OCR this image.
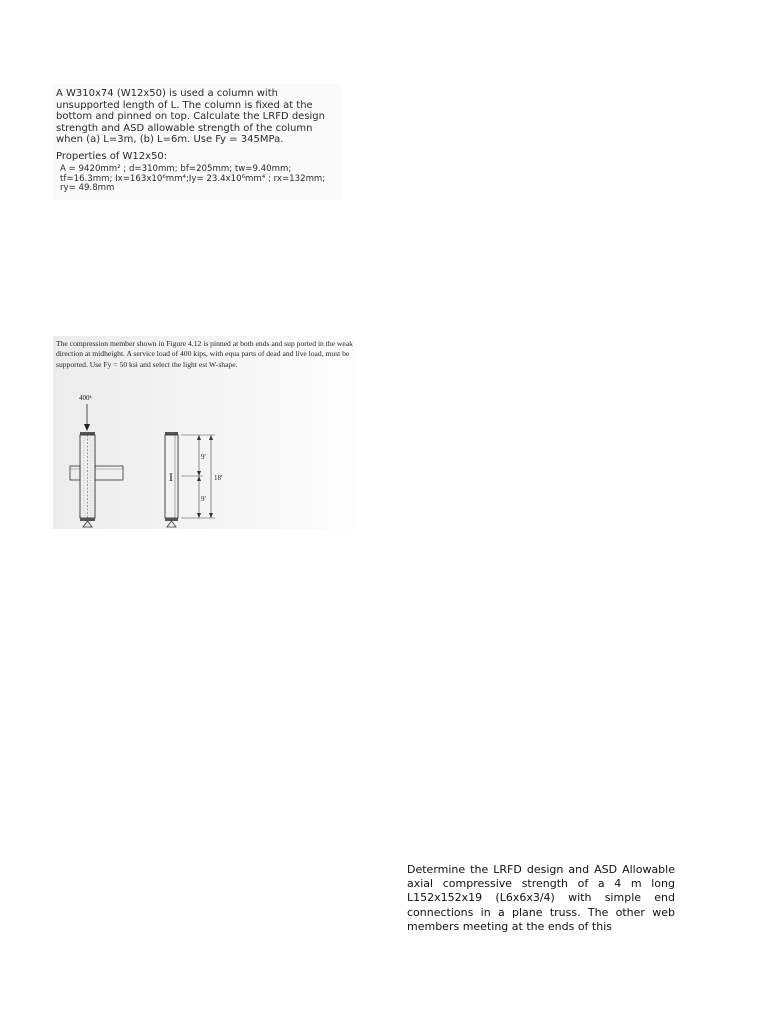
A W310x74 (W12x50) is used a column with unsupported length of L. The column is fixed at the bottom and pinned on top. Calculate the LRFD design strength and ASD allowable strength of the column when (a) L=3m, (b) L=6m. Use Fy = 345MPa.

Properties of W12x50:

A = 9420mm² ; d=310mm; bf=205mm; tw=9.40mm; tf=16.3mm; Ix=163x10⁶mm⁴;Iy= 23.4x10⁶mm⁴ ; rx=132mm; ry= 49.8mm

The compression member shown in Figure 4.12 is pinned at both ends and sup ported in the weak direction at midheight. A service load of 400 kips, with equa parts of dead and live load, must be supported. Use Fy = 50 ksi and select the light est W-shape.

400ᵏ
I
9′
9′
18′

Determine the LRFD design and ASD Allowable axial compressive strength of a 4 m long L152x152x19 (L6x6x3/4) with simple end connections in a plane truss. The other web members meeting at the ends of this
